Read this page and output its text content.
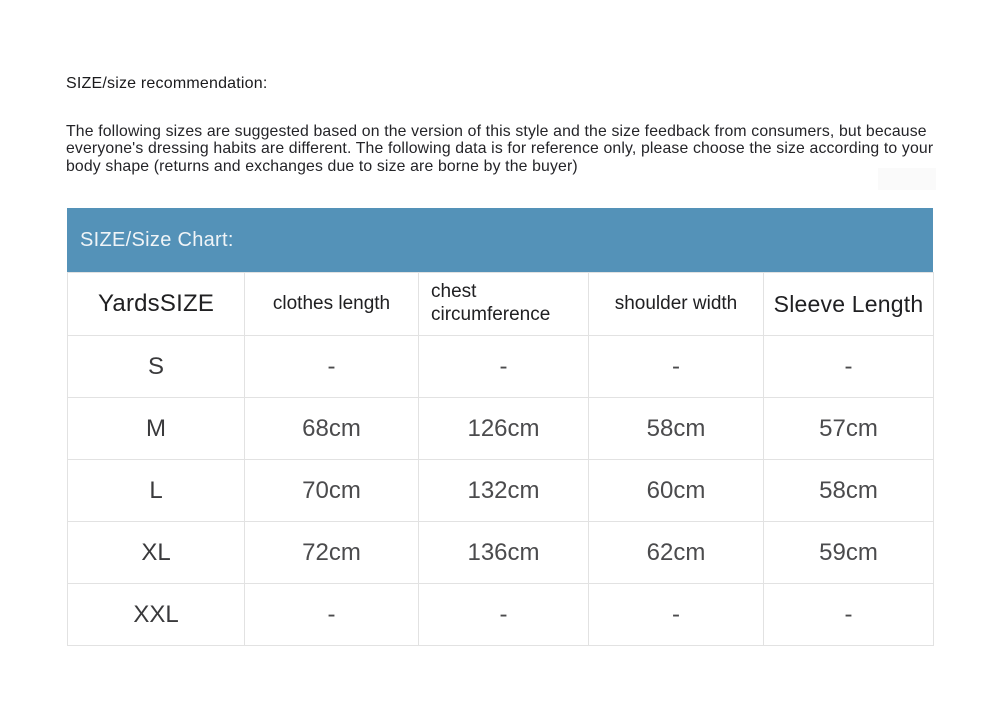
SIZE/size recommendation:
The following sizes are suggested based on the version of this style and the size feedback from consumers, but because everyone's dressing habits are different. The following data is for reference only, please choose the size according to your body shape (returns and exchanges due to size are borne by the buyer)
SIZE/Size Chart:
YardsSIZE	clothes length	chest circumference	shoulder width	Sleeve Length
S	-	-	-	-
M	68cm	126cm	58cm	57cm
L	70cm	132cm	60cm	58cm
XL	72cm	136cm	62cm	59cm
XXL	-	-	-	-
